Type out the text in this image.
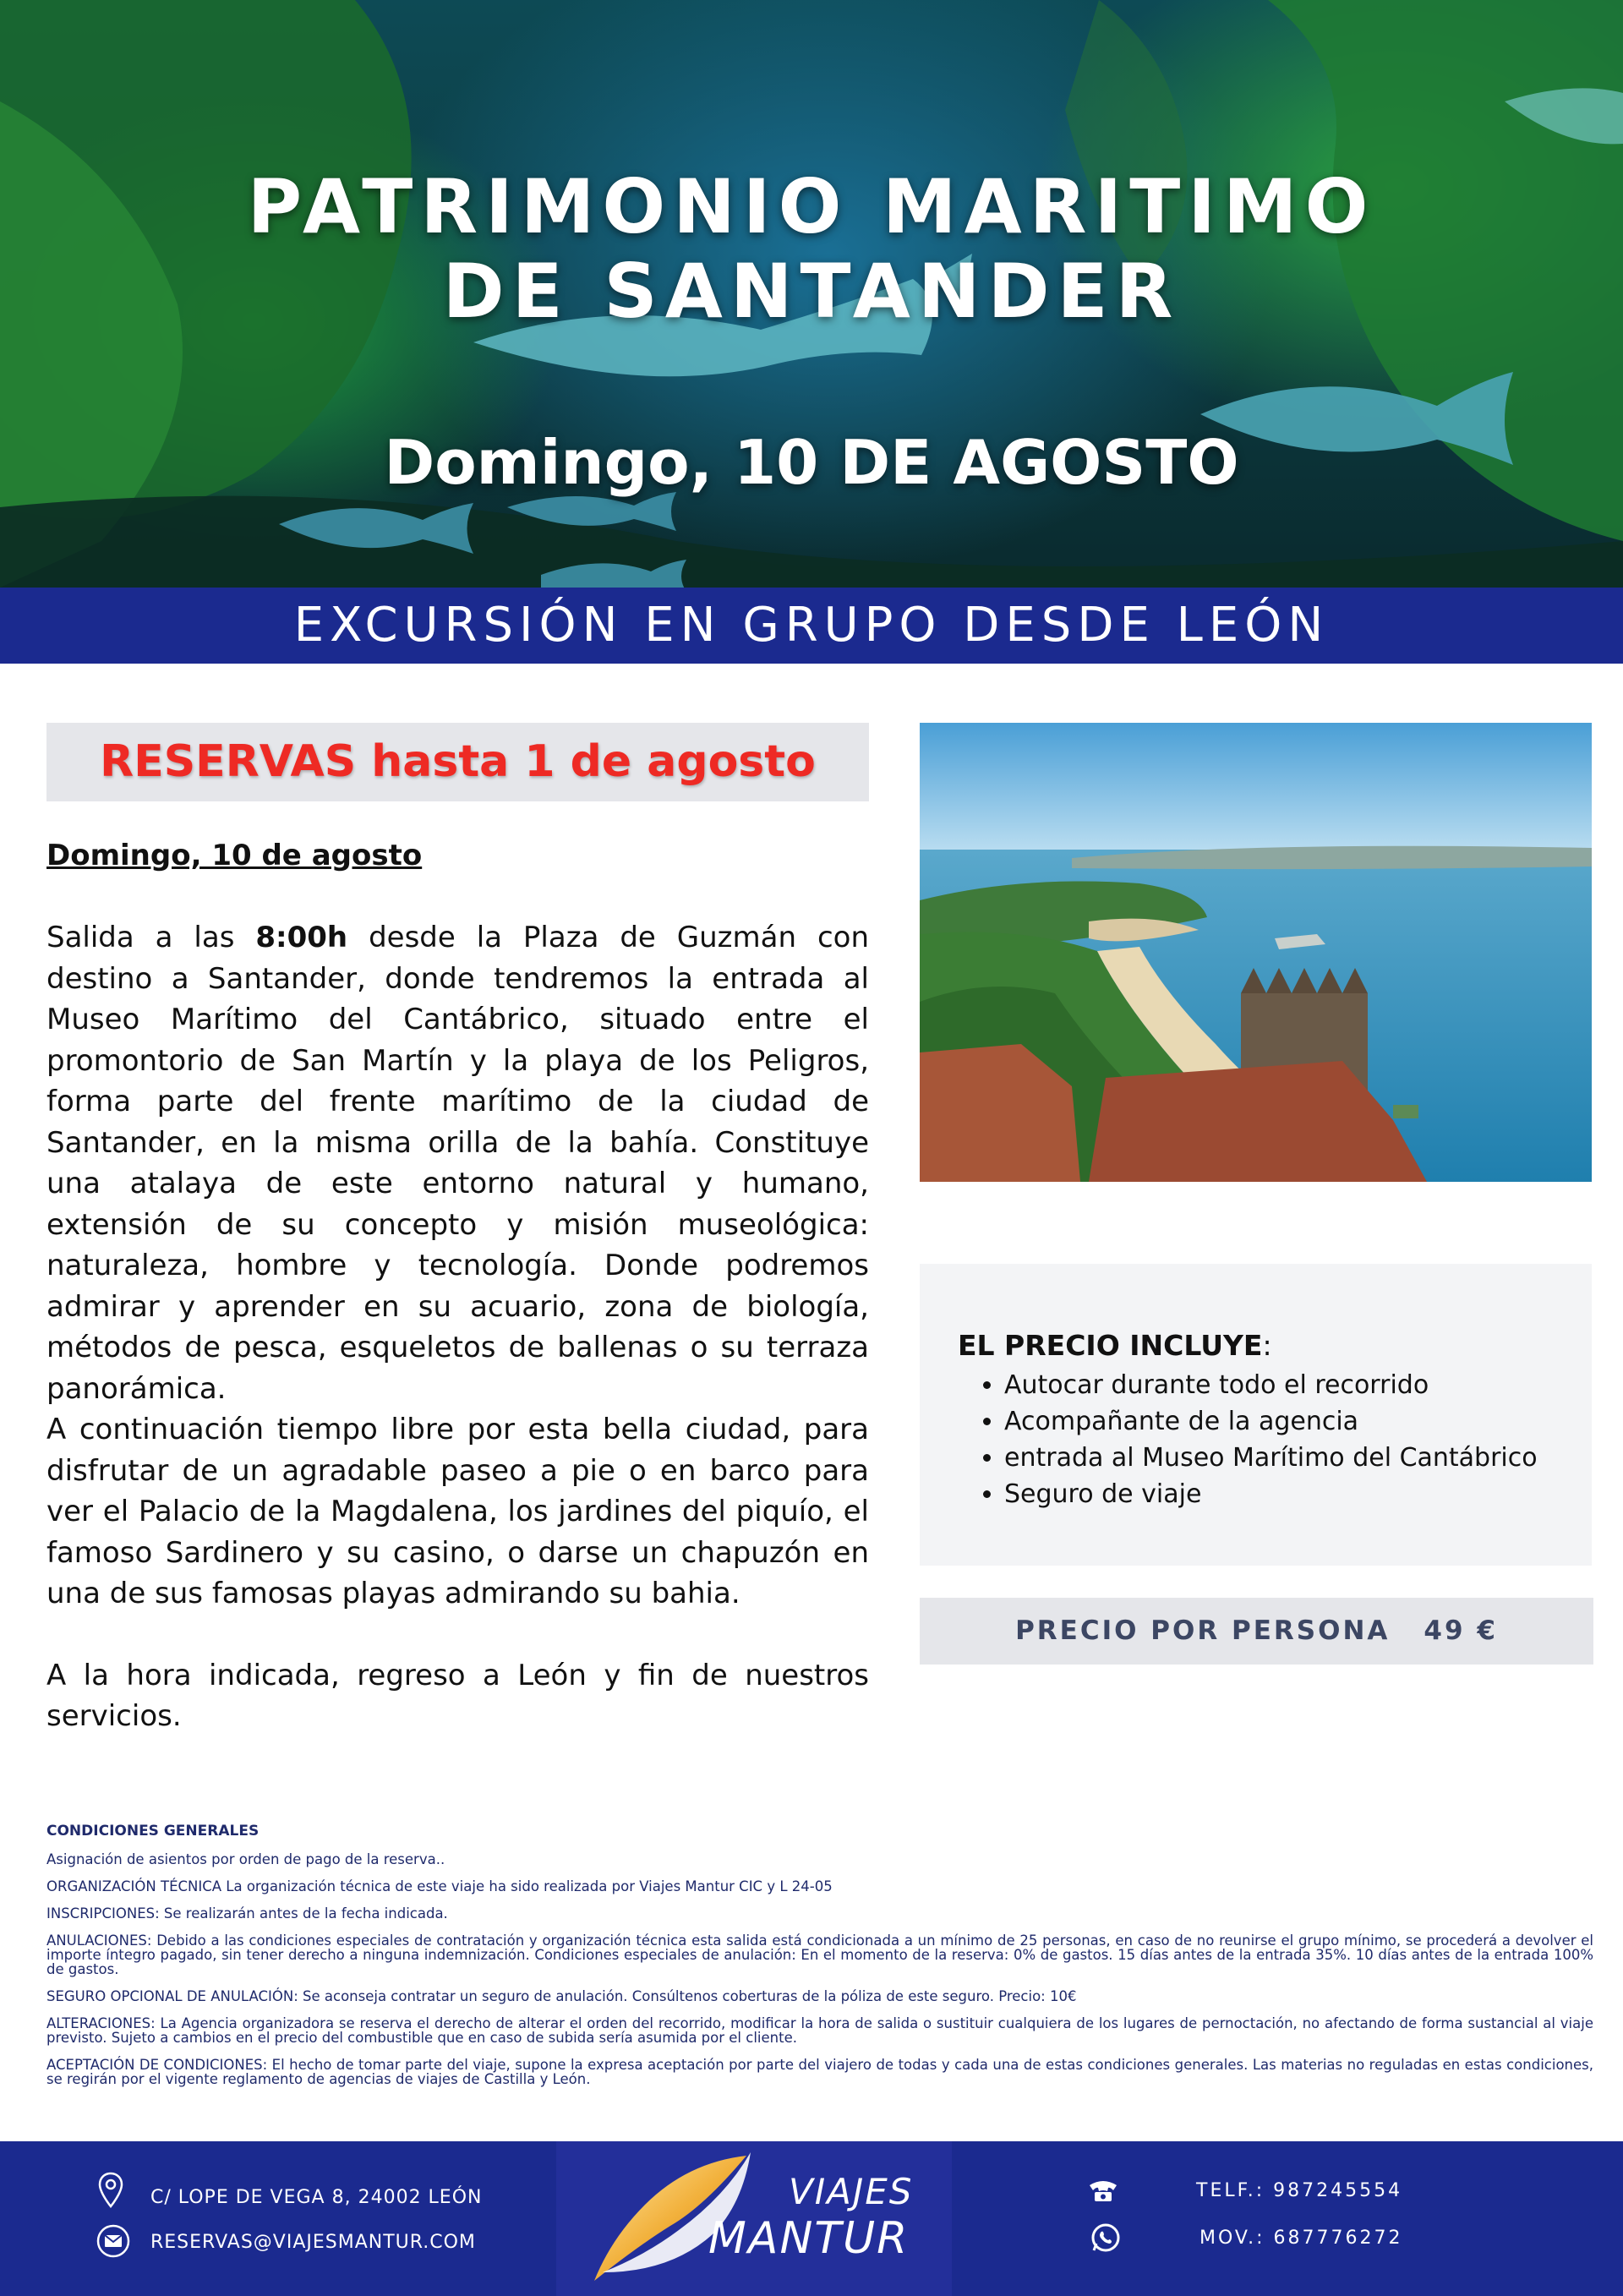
PATRIMONIO MARITIMO
DE SANTANDER
Domingo, 10 DE AGOSTO
EXCURSIÓN EN GRUPO DESDE LEÓN
RESERVAS hasta 1 de agosto
Domingo, 10 de agosto

Salida a las 8:00h desde la Plaza de Guzmán con destino a Santander, donde tendremos la entrada al Museo Marítimo del Cantábrico, situado entre el promontorio de San Martín y la playa de los Peligros, forma parte del frente marítimo de la ciudad de Santander, en la misma orilla de la bahía. Constituye una atalaya de este entorno natural y humano, extensión de su concepto y misión museológica: naturaleza, hombre y tecnología. Donde podremos admirar y aprender en su acuario, zona de biología, métodos de pesca, esqueletos de ballenas o su terraza panorámica.

A continuación tiempo libre por esta bella ciudad, para disfrutar de un agradable paseo a pie o en barco para ver el Palacio de la Magdalena, los jardines del piquío, el famoso Sardinero y su casino, o darse un chapuzón en una de sus famosas playas admirando su bahia.

A la hora indicada, regreso a León y fin de nuestros servicios.

EL PRECIO INCLUYE:
• Autocar durante todo el recorrido
• Acompañante de la agencia
• entrada al Museo Marítimo del Cantábrico
• Seguro de viaje
PRECIO POR PERSONA 49 €
CONDICIONES GENERALES

Asignación de asientos por orden de pago de la reserva..

ORGANIZACIÓN TÉCNICA La organización técnica de este viaje ha sido realizada por Viajes Mantur CIC y L 24-05

INSCRIPCIONES: Se realizarán antes de la fecha indicada.

ANULACIONES: Debido a las condiciones especiales de contratación y organización técnica esta salida está condicionada a un mínimo de 25 personas, en caso de no reunirse el grupo mínimo, se procederá a devolver el importe íntegro pagado, sin tener derecho a ninguna indemnización. Condiciones especiales de anulación: En el momento de la reserva: 0% de gastos. 15 días antes de la entrada 35%. 10 días antes de la entrada 100% de gastos.

SEGURO OPCIONAL DE ANULACIÓN: Se aconseja contratar un seguro de anulación. Consúltenos coberturas de la póliza de este seguro. Precio: 10€

ALTERACIONES: La Agencia organizadora se reserva el derecho de alterar el orden del recorrido, modificar la hora de salida o sustituir cualquiera de los lugares de pernoctación, no afectando de forma sustancial al viaje previsto. Sujeto a cambios en el precio del combustible que en caso de subida sería asumida por el cliente.

ACEPTACIÓN DE CONDICIONES: El hecho de tomar parte del viaje, supone la expresa aceptación por parte del viajero de todas y cada una de estas condiciones generales. Las materias no reguladas en estas condiciones, se regirán por el vigente reglamento de agencias de viajes de Castilla y León.

C/ LOPE DE VEGA 8, 24002 LEÓN
RESERVAS@VIAJESMANTUR.COM
VIAJES
MANTUR
TELF.: 987245554
MOV.: 687776272
